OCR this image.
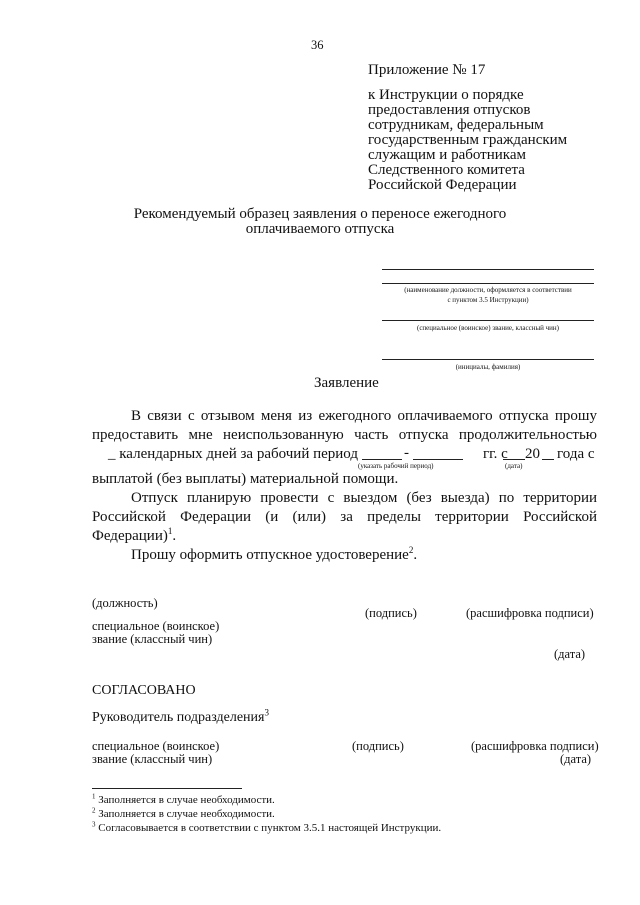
36
Приложение № 17
к Инструкции о порядке
предоставления отпусков
сотрудникам, федеральным
государственным гражданским
служащим и работникам
Следственного комитета
Российской Федерации
Рекомендуемый образец заявления о переносе ежегодного
оплачиваемого отпуска
(наименование должности, оформляется в соответствии
с пунктом 3.5 Инструкции)
(специальное (воинское) звание, классный чин)
(инициалы, фамилия)
Заявление
В связи с отзывом меня из ежегодного оплачиваемого отпуска прошу
предоставить мне неиспользованную часть отпуска продолжительностью
_ календарных дней за рабочий период	-	гг. с 20 года с
(указать рабочий период)	(дата)
выплатой (без выплаты) материальной помощи.
Отпуск планирую провести с выездом (без выезда) по территории
Российской Федерации (и (или) за пределы территории Российской
Федерации)$^1$.
Прошу оформить отпускное удостоверение$^2$.
(должность)
(подпись)	(расшифровка подписи)
специальное (воинское)
звание (классный чин)
(дата)
СОГЛАСОВАНО
Руководитель подразделения$^3$
специальное (воинское)
звание (классный чин)
(подпись)	(расшифровка подписи)
(дата)
$^1$ Заполняется в случае необходимости.
$^2$ Заполняется в случае необходимости.
$^3$ Согласовывается в соответствии с пунктом 3.5.1 настоящей Инструкции.
